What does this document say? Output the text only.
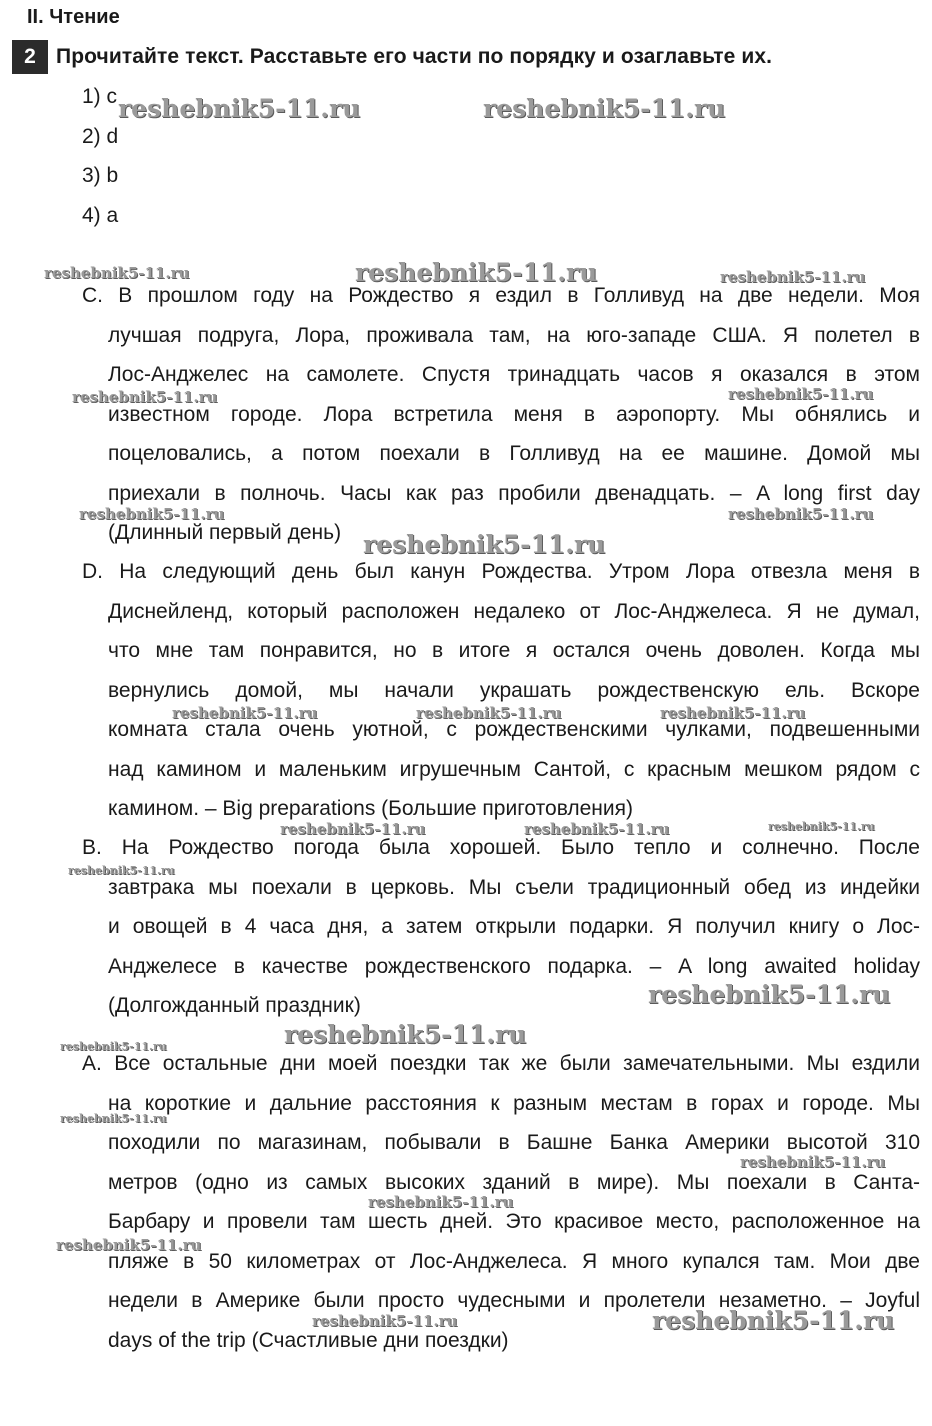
II. Чтение
2 Прочитайте текст. Расставьте его части по порядку и озаглавьте их.
1) c
2) d
3) b
4) a
C. В прошлом году на Рождество я ездил в Голливуд на две недели. Моя
лучшая подруга, Лора, проживала там, на юго-западе США. Я полетел в
Лос-Анджелес на самолете. Спустя тринадцать часов я оказался в этом
известном городе. Лора встретила меня в аэропорту. Мы обнялись и
поцеловались, а потом поехали в Голливуд на ее машине. Домой мы
приехали в полночь. Часы как раз пробили двенадцать. – A long first day
(Длинный первый день)
D. На следующий день был канун Рождества. Утром Лора отвезла меня в
Диснейленд, который расположен недалеко от Лос-Анджелеса. Я не думал,
что мне там понравится, но в итоге я остался очень доволен. Когда мы
вернулись домой, мы начали украшать рождественскую ель. Вскоре
комната стала очень уютной, с рождественскими чулками, подвешенными
над камином и маленьким игрушечным Сантой, с красным мешком рядом с
камином. – Big preparations (Большие приготовления)
B. На Рождество погода была хорошей. Было тепло и солнечно. После
завтрака мы поехали в церковь. Мы съели традиционный обед из индейки
и овощей в 4 часа дня, а затем открыли подарки. Я получил книгу о Лос-
Анджелесе в качестве рождественского подарка. – A long awaited holiday
(Долгожданный праздник)
A. Все остальные дни моей поездки так же были замечательными. Мы ездили
на короткие и дальние расстояния к разным местам в горах и городе. Мы
походили по магазинам, побывали в Башне Банка Америки высотой 310
метров (одно из самых высоких зданий в мире). Мы поехали в Санта-
Барбару и провели там шесть дней. Это красивое место, расположенное на
пляже в 50 километрах от Лос-Анджелеса. Я много купался там. Мои две
недели в Америке были просто чудесными и пролетели незаметно. – Joyful
days of the trip (Счастливые дни поездки)
reshebnik5-11.ru	reshebnik5-11.ru
reshebnik5-11.ru	reshebnik5-11.ru	reshebnik5-11.ru
reshebnik5-11.ru	reshebnik5-11.ru
reshebnik5-11.ru	reshebnik5-11.ru
reshebnik5-11.ru
reshebnik5-11.ru	reshebnik5-11.ru	reshebnik5-11.ru
reshebnik5-11.ru	reshebnik5-11.ru	reshebnik5-11.ru
reshebnik5-11.ru
reshebnik5-11.ru
reshebnik5-11.ru
reshebnik5-11.ru
reshebnik5-11.ru
reshebnik5-11.ru
reshebnik5-11.ru
reshebnik5-11.ru
reshebnik5-11.ru	reshebnik5-11.ru
